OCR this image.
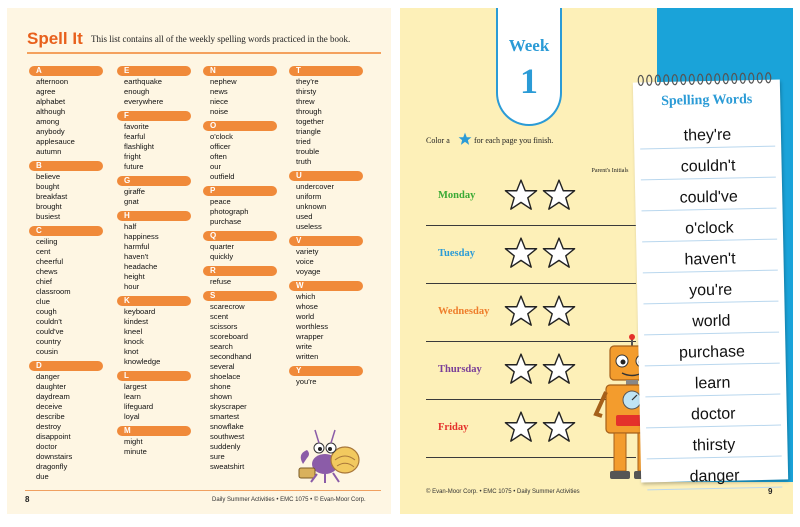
Spell It This list contains all of the weekly spelling words practiced in the book.
A
afternoon
agree
alphabet
although
among
anybody
applesauce
autumn
B
believe
bought
breakfast
brought
busiest
C
ceiling
cent
cheerful
chews
chief
classroom
clue
cough
couldn't
could've
country
cousin
D
danger
daughter
daydream
deceive
describe
destroy
disappoint
doctor
downstairs
dragonfly
due
E
earthquake
enough
everywhere
F
favorite
fearful
flashlight
fright
future
G
giraffe
gnat
H
half
happiness
harmful
haven't
headache
height
hour
K
keyboard
kindest
kneel
knock
knot
knowledge
L
largest
learn
lifeguard
loyal
M
might
minute
N
nephew
news
niece
noise
O
o'clock
officer
often
our
outfield
P
peace
photograph
purchase
Q
quarter
quickly
R
refuse
S
scarecrow
scent
scissors
scoreboard
search
secondhand
several
shoelace
shone
shown
skyscraper
smartest
snowflake
southwest
suddenly
sure
sweatshirt
T
they're
thirsty
threw
through
together
triangle
tried
trouble
truth
U
undercover
uniform
unknown
used
useless
V
variety
voice
voyage
W
which
whose
world
worthless
wrapper
write
written
Y
you're
8	Daily Summer Activities • EMC 1075 • © Evan-Moor Corp.
Week
1
Color a	for each page you finish.
Parent's Initials
Monday
Tuesday
Wednesday
Thursday
Friday
Spelling Words
they're
couldn't
could've
o'clock
haven't
you're
world
purchase
learn
doctor
thirsty
danger
© Evan-Moor Corp. • EMC 1075 • Daily Summer Activities	9
